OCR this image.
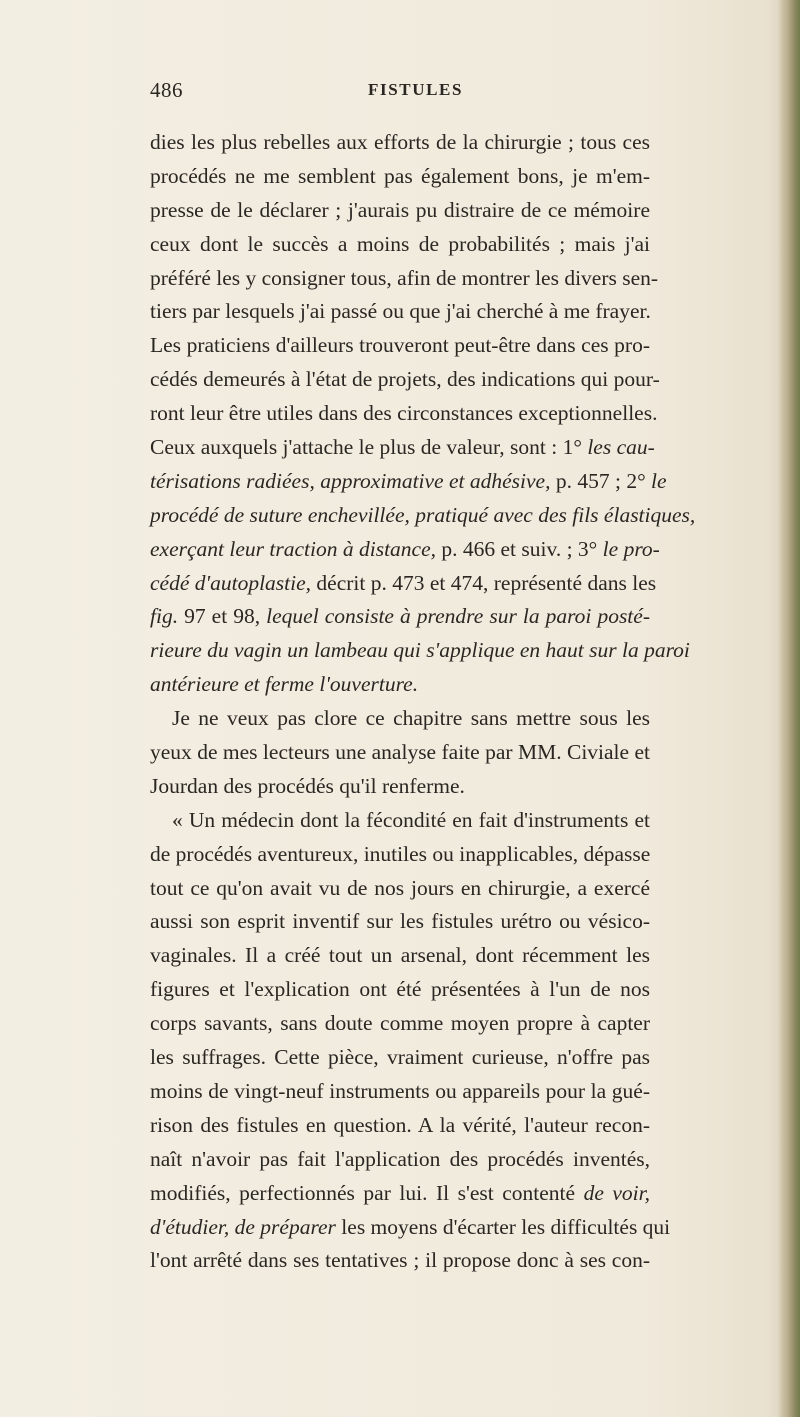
486	FISTULES
dies les plus rebelles aux efforts de la chirurgie ; tous ces
procédés ne me semblent pas également bons, je m'em-
presse de le déclarer ; j'aurais pu distraire de ce mémoire
ceux dont le succès a moins de probabilités ; mais j'ai
préféré les y consigner tous, afin de montrer les divers sen-
tiers par lesquels j'ai passé ou que j'ai cherché à me frayer.
Les praticiens d'ailleurs trouveront peut-être dans ces pro-
cédés demeurés à l'état de projets, des indications qui pour-
ront leur être utiles dans des circonstances exceptionnelles.
Ceux auxquels j'attache le plus de valeur, sont : 1° les cau-
térisations radiées, approximative et adhésive, p. 457 ; 2° le
procédé de suture enchevillée, pratiqué avec des fils élastiques,
exerçant leur traction à distance, p. 466 et suiv. ; 3° le pro-
cédé d'autoplastie, décrit p. 473 et 474, représenté dans les
fig. 97 et 98, lequel consiste à prendre sur la paroi posté-
rieure du vagin un lambeau qui s'applique en haut sur la paroi
antérieure et ferme l'ouverture.
Je ne veux pas clore ce chapitre sans mettre sous les
yeux de mes lecteurs une analyse faite par MM. Civiale et
Jourdan des procédés qu'il renferme.
« Un médecin dont la fécondité en fait d'instruments et
de procédés aventureux, inutiles ou inapplicables, dépasse
tout ce qu'on avait vu de nos jours en chirurgie, a exercé
aussi son esprit inventif sur les fistules urétro ou vésico-
vaginales. Il a créé tout un arsenal, dont récemment les
figures et l'explication ont été présentées à l'un de nos
corps savants, sans doute comme moyen propre à capter
les suffrages. Cette pièce, vraiment curieuse, n'offre pas
moins de vingt-neuf instruments ou appareils pour la gué-
rison des fistules en question. A la vérité, l'auteur recon-
naît n'avoir pas fait l'application des procédés inventés,
modifiés, perfectionnés par lui. Il s'est contenté de voir,
d'étudier, de préparer les moyens d'écarter les difficultés qui
l'ont arrêté dans ses tentatives ; il propose donc à ses con-
